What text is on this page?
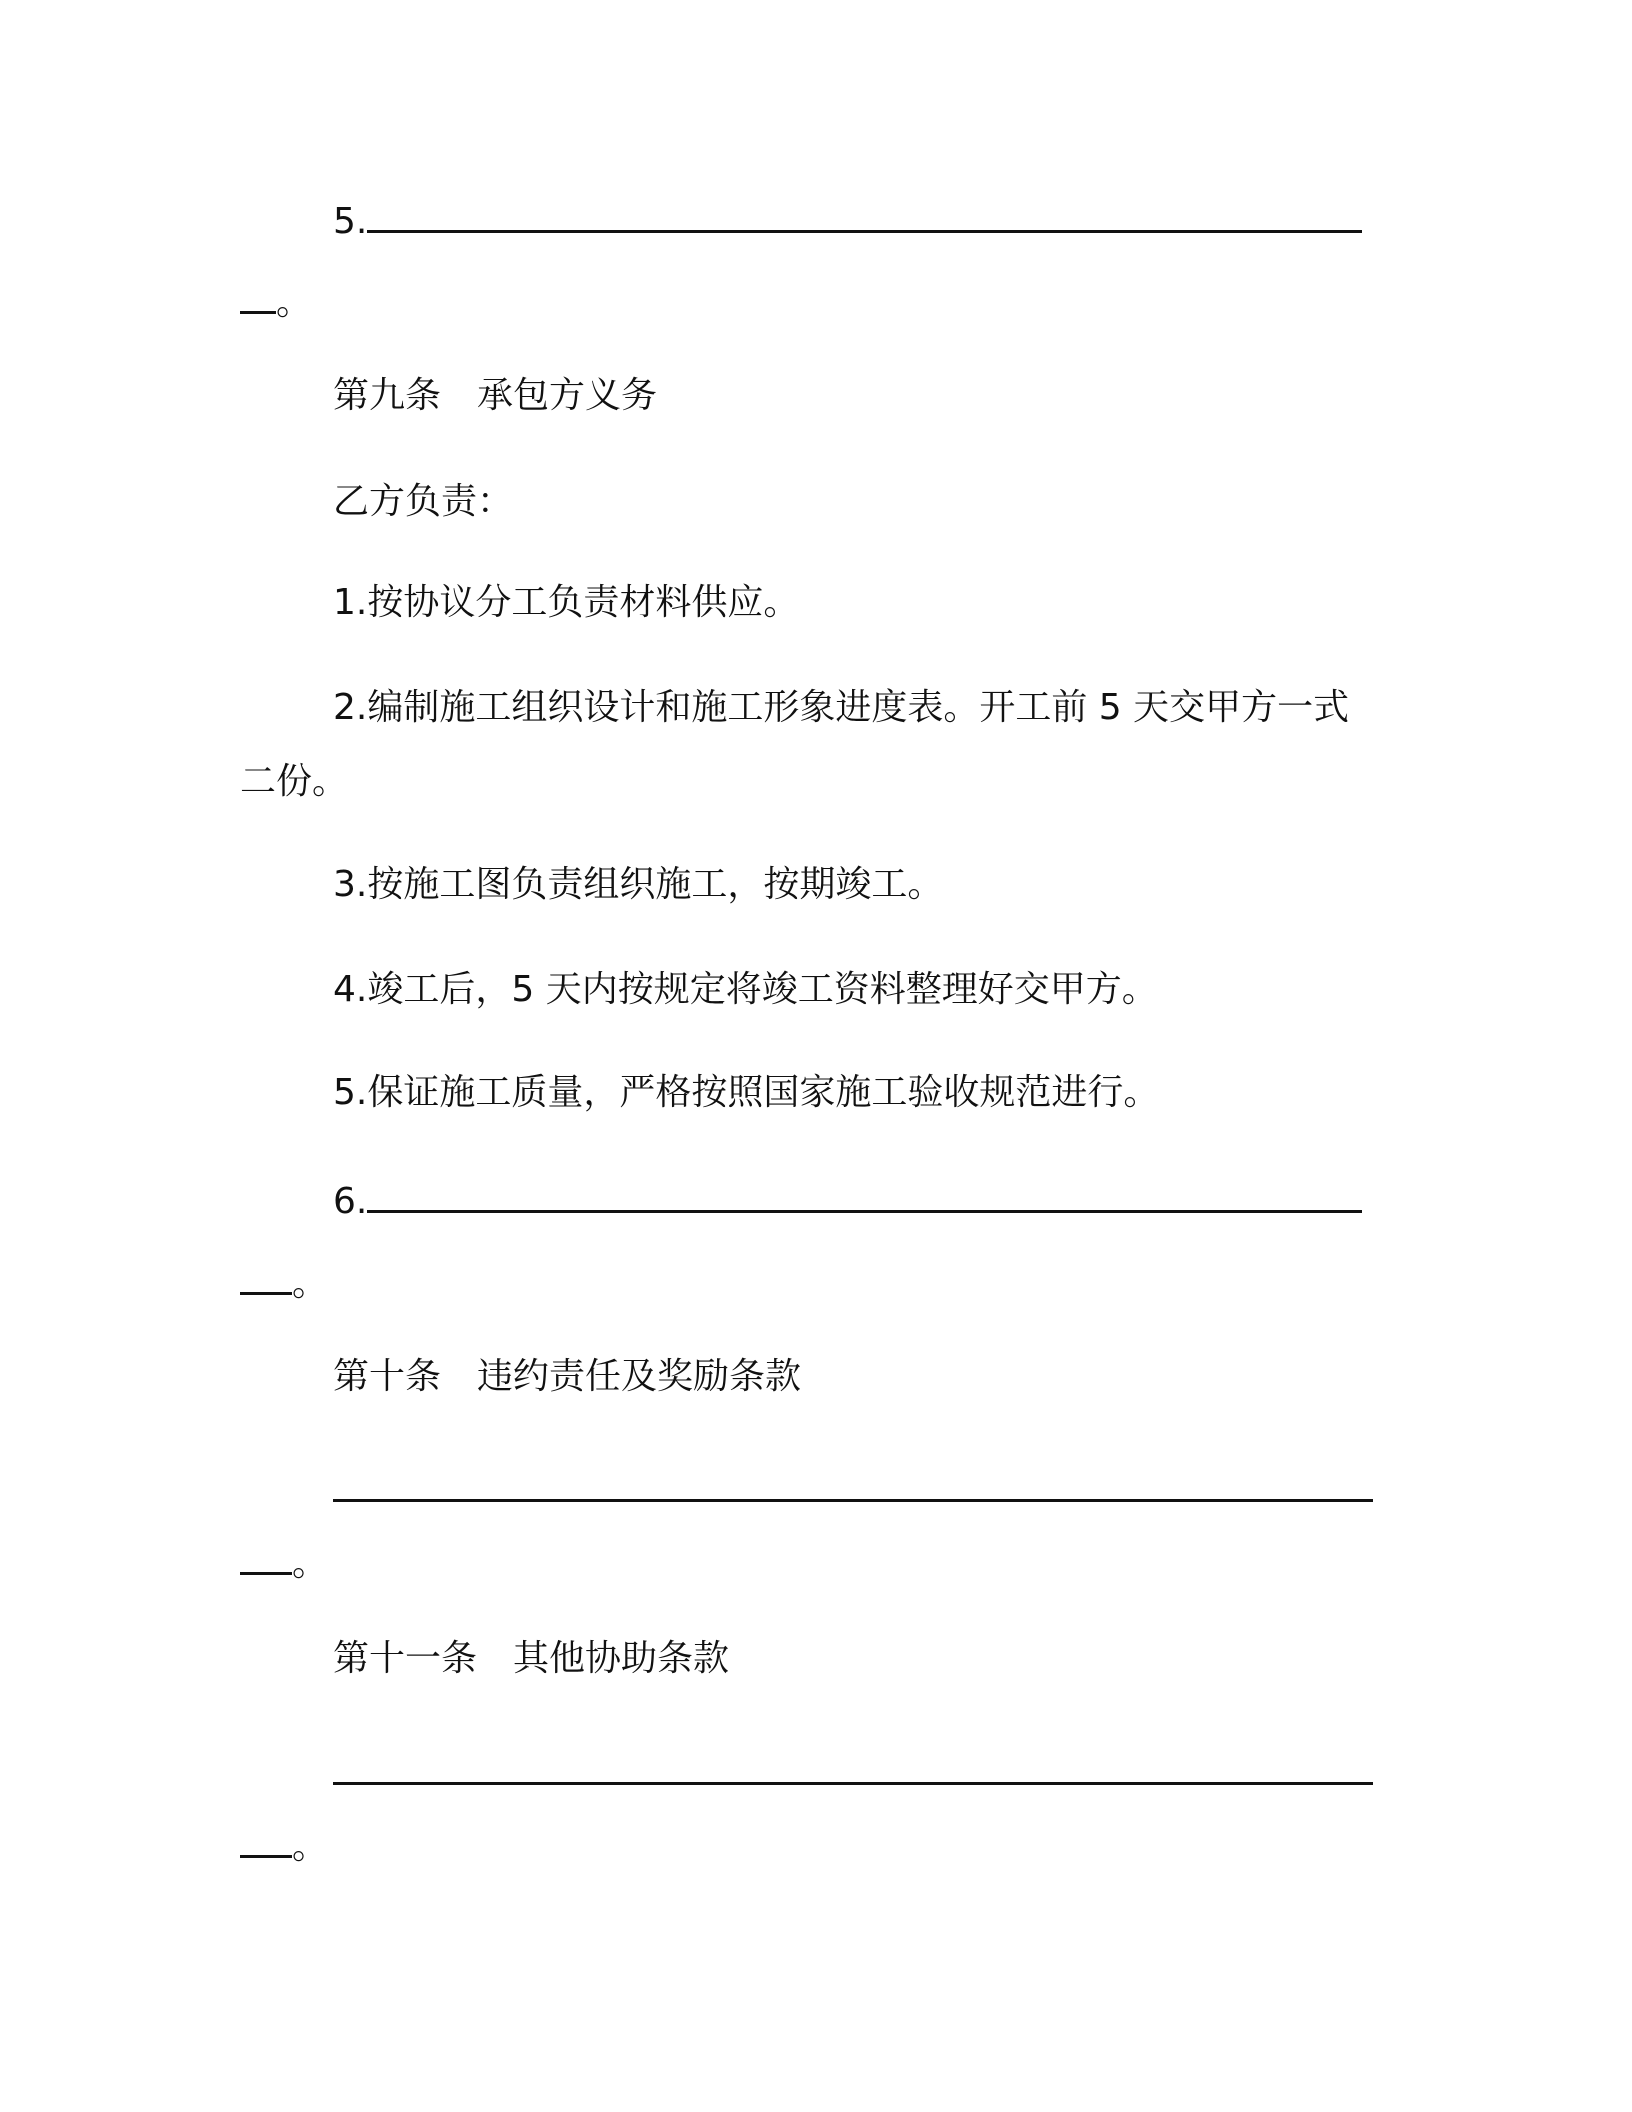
5.
。
第九条 承包方义务
乙方负责：
1.按协议分工负责材料供应。
2.编制施工组织设计和施工形象进度表。开工前 5 天交甲方一式
二份。
3.按施工图负责组织施工，按期竣工。
4.竣工后，5 天内按规定将竣工资料整理好交甲方。
5.保证施工质量，严格按照国家施工验收规范进行。
6.
。
第十条 违约责任及奖励条款
。
第十一条 其他协助条款
。
